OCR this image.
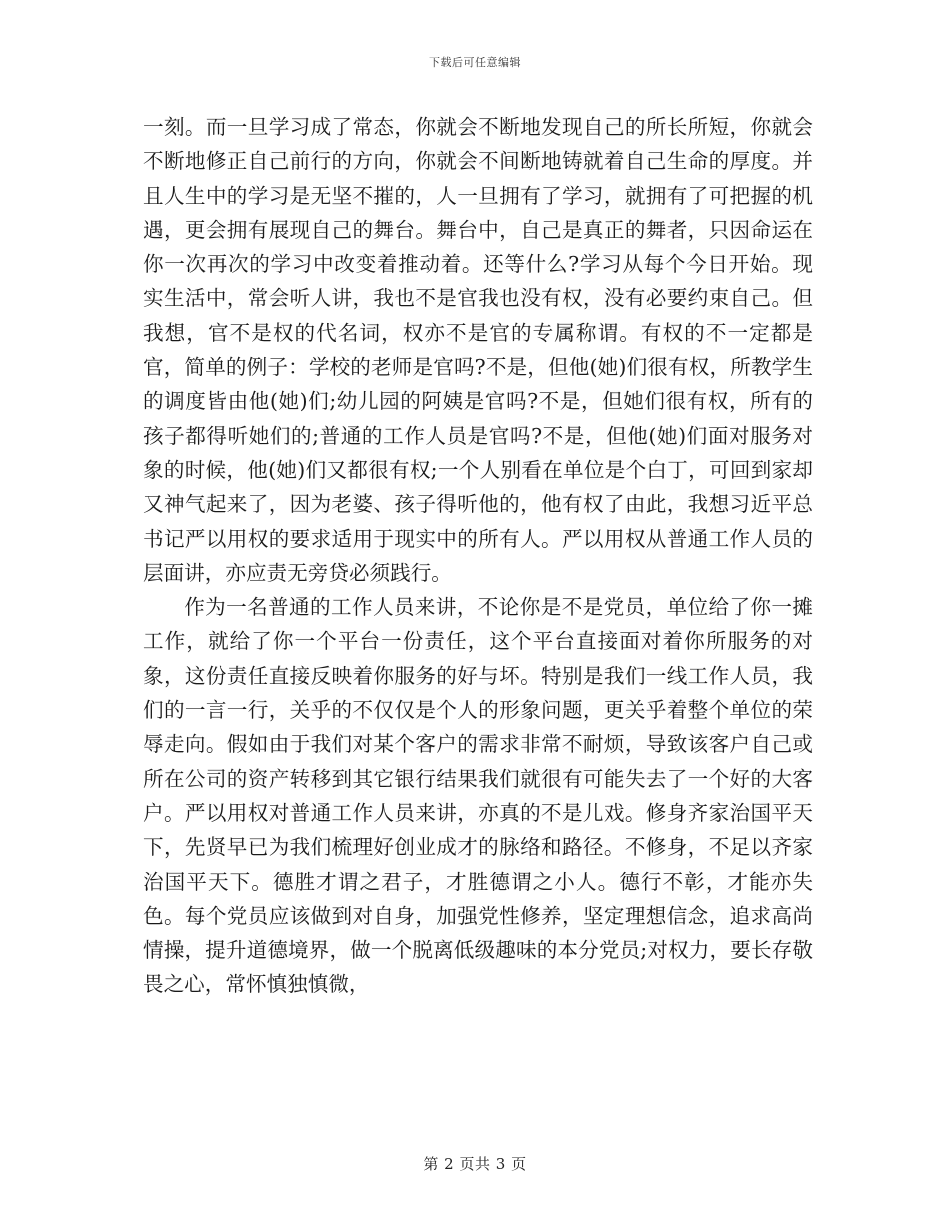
下载后可任意编辑

一刻。而一旦学习成了常态，你就会不断地发现自己的所长所短，你就会不断地修正自己前行的方向，你就会不间断地铸就着自己生命的厚度。并且人生中的学习是无坚不摧的，人一旦拥有了学习，就拥有了可把握的机遇，更会拥有展现自己的舞台。舞台中，自己是真正的舞者，只因命运在你一次再次的学习中改变着推动着。还等什么?学习从每个今日开始。现实生活中，常会听人讲，我也不是官我也没有权，没有必要约束自己。但我想，官不是权的代名词，权亦不是官的专属称谓。有权的不一定都是官，简单的例子：学校的老师是官吗?不是，但他(她)们很有权，所教学生的调度皆由他(她)们;幼儿园的阿姨是官吗?不是，但她们很有权，所有的孩子都得听她们的;普通的工作人员是官吗?不是，但他(她)们面对服务对象的时候，他(她)们又都很有权;一个人别看在单位是个白丁，可回到家却又神气起来了，因为老婆、孩子得听他的，他有权了由此，我想习近平总书记严以用权的要求适用于现实中的所有人。严以用权从普通工作人员的层面讲，亦应责无旁贷必须践行。

作为一名普通的工作人员来讲，不论你是不是党员，单位给了你一摊工作，就给了你一个平台一份责任，这个平台直接面对着你所服务的对象，这份责任直接反映着你服务的好与坏。特别是我们一线工作人员，我们的一言一行，关乎的不仅仅是个人的形象问题，更关乎着整个单位的荣辱走向。假如由于我们对某个客户的需求非常不耐烦，导致该客户自己或所在公司的资产转移到其它银行结果我们就很有可能失去了一个好的大客户。严以用权对普通工作人员来讲，亦真的不是儿戏。修身齐家治国平天下，先贤早已为我们梳理好创业成才的脉络和路径。不修身，不足以齐家治国平天下。德胜才谓之君子，才胜德谓之小人。德行不彰，才能亦失色。每个党员应该做到对自身，加强党性修养，坚定理想信念，追求高尚情操，提升道德境界，做一个脱离低级趣味的本分党员;对权力，要长存敬畏之心，常怀慎独慎微，

第 2 页共 3 页
